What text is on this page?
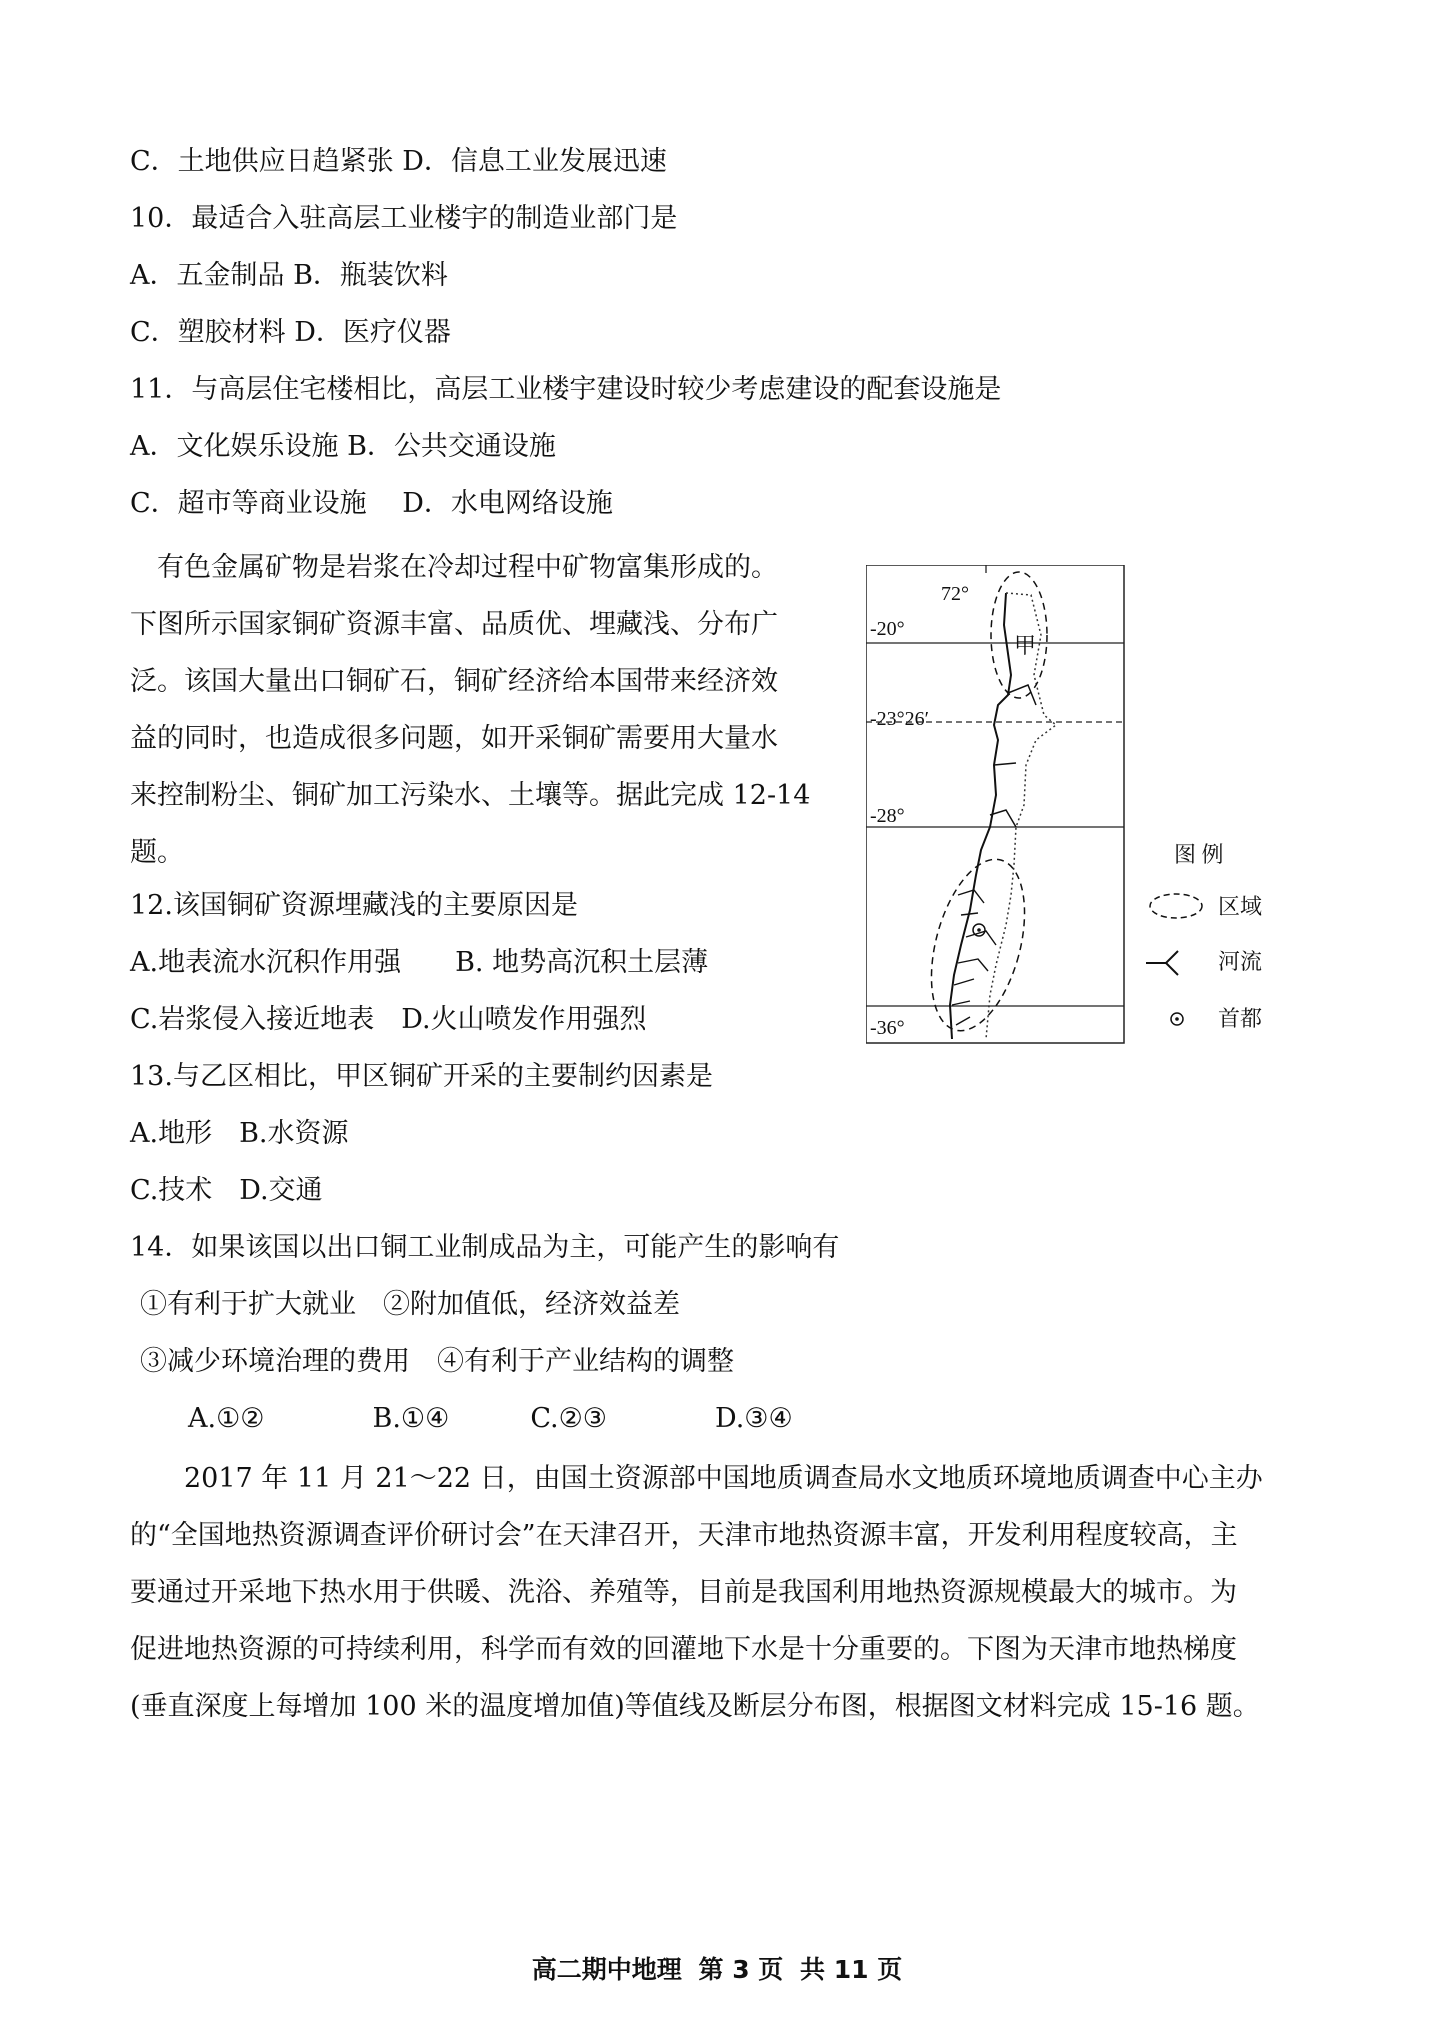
C．土地供应日趋紧张 D．信息工业发展迅速
10．最适合入驻高层工业楼宇的制造业部门是
A．五金制品 B．瓶装饮料
C．塑胶材料 D．医疗仪器
11．与高层住宅楼相比，高层工业楼宇建设时较少考虑建设的配套设施是
A．文化娱乐设施 B．公共交通设施
C．超市等商业设施　 D．水电网络设施

　有色金属矿物是岩浆在冷却过程中矿物富集形成的。

下图所示国家铜矿资源丰富、品质优、埋藏浅、分布广

泛。该国大量出口铜矿石，铜矿经济给本国带来经济效

益的同时，也造成很多问题，如开采铜矿需要用大量水

来控制粉尘、铜矿加工污染水、土壤等。据此完成 12-14

题。

12.该国铜矿资源埋藏浅的主要原因是
A.地表流水沉积作用强　　B. 地势高沉积土层薄
C.岩浆侵入接近地表　D.火山喷发作用强烈
13.与乙区相比，甲区铜矿开采的主要制约因素是
A.地形　B.水资源
C.技术　D.交通
14．如果该国以出口铜工业制成品为主，可能产生的影响有
①有利于扩大就业　②附加值低，经济效益差
③减少环境治理的费用　④有利于产业结构的调整
A.①②　　　　B.①④　　　C.②③　　　　D.③④

　　2017 年 11 月 21～22 日，由国土资源部中国地质调查局水文地质环境地质调查中心主办

的“全国地热资源调查评价研讨会”在天津召开，天津市地热资源丰富，开发利用程度较高，主

要通过开采地下热水用于供暖、洗浴、养殖等，目前是我国利用地热资源规模最大的城市。为

促进地热资源的可持续利用，科学而有效的回灌地下水是十分重要的。下图为天津市地热梯度

(垂直深度上每增加 100 米的温度增加值)等值线及断层分布图，根据图文材料完成 15-16 题。

72°
-20°
-23°26′
-28°
-36°
甲
图 例
区域
河流
首都
高二期中地理 第 3 页 共 11 页
